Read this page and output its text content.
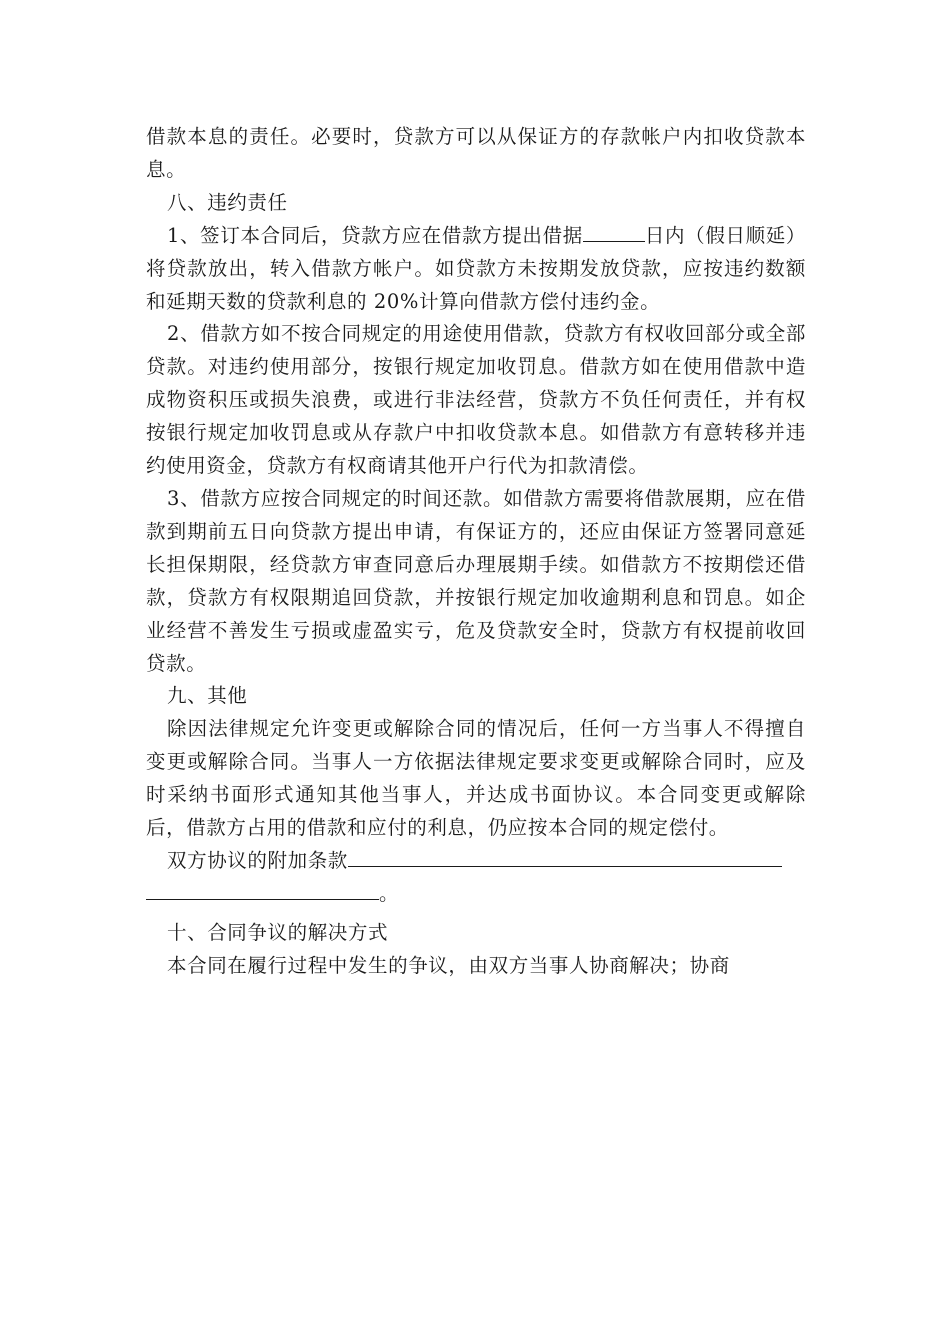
借款本息的责任。必要时，贷款方可以从保证方的存款帐户内扣收贷款本息。

八、违约责任

1、签订本合同后，贷款方应在借款方提出借据	日内（假日顺延）将贷款放出，转入借款方帐户。如贷款方未按期发放贷款，应按违约数额和延期天数的贷款利息的 20%计算向借款方偿付违约金。

2、借款方如不按合同规定的用途使用借款，贷款方有权收回部分或全部贷款。对违约使用部分，按银行规定加收罚息。借款方如在使用借款中造成物资积压或损失浪费，或进行非法经营，贷款方不负任何责任，并有权按银行规定加收罚息或从存款户中扣收贷款本息。如借款方有意转移并违约使用资金，贷款方有权商请其他开户行代为扣款清偿。

3、借款方应按合同规定的时间还款。如借款方需要将借款展期，应在借款到期前五日向贷款方提出申请，有保证方的，还应由保证方签署同意延长担保期限，经贷款方审查同意后办理展期手续。如借款方不按期偿还借款，贷款方有权限期追回贷款，并按银行规定加收逾期利息和罚息。如企业经营不善发生亏损或虚盈实亏，危及贷款安全时，贷款方有权提前收回贷款。

九、其他

除因法律规定允许变更或解除合同的情况后，任何一方当事人不得擅自变更或解除合同。当事人一方依据法律规定要求变更或解除合同时，应及时采纳书面形式通知其他当事人，并达成书面协议。本合同变更或解除后，借款方占用的借款和应付的利息，仍应按本合同的规定偿付。

双方协议的附加条款

。

十、合同争议的解决方式

本合同在履行过程中发生的争议，由双方当事人协商解决；协商
